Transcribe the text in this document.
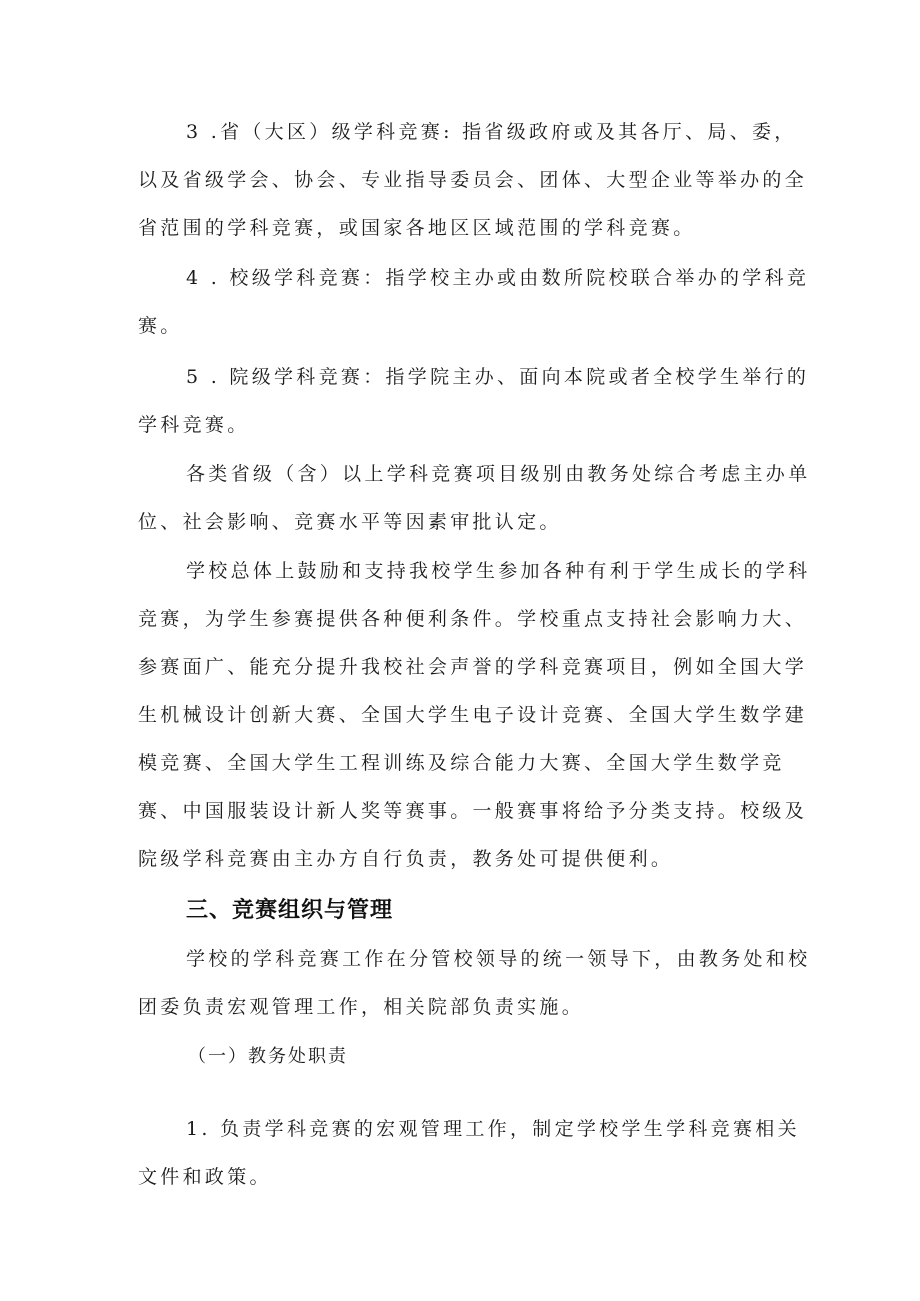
3 .省（大区）级学科竞赛: 指省级政府或及其各厅、局、委，以及省级学会、协会、专业指导委员会、团体、大型企业等举办的全省范围的学科竞赛，或国家各地区区域范围的学科竞赛。

4 . 校级学科竞赛：指学校主办或由数所院校联合举办的学科竞赛。

5 . 院级学科竞赛：指学院主办、面向本院或者全校学生举行的学科竞赛。

各类省级（含）以上学科竞赛项目级别由教务处综合考虑主办单位、社会影响、竞赛水平等因素审批认定。

学校总体上鼓励和支持我校学生参加各种有利于学生成长的学科竞赛，为学生参赛提供各种便利条件。学校重点支持社会影响力大、参赛面广、能充分提升我校社会声誉的学科竞赛项目，例如全国大学生机械设计创新大赛、全国大学生电子设计竞赛、全国大学生数学建模竞赛、全国大学生工程训练及综合能力大赛、全国大学生数学竞赛、中国服装设计新人奖等赛事。一般赛事将给予分类支持。校级及院级学科竞赛由主办方自行负责，教务处可提供便利。

三、竞赛组织与管理

学校的学科竞赛工作在分管校领导的统一领导下，由教务处和校团委负责宏观管理工作，相关院部负责实施。

（一）教务处职责

1. 负责学科竞赛的宏观管理工作，制定学校学生学科竞赛相关文件和政策。
